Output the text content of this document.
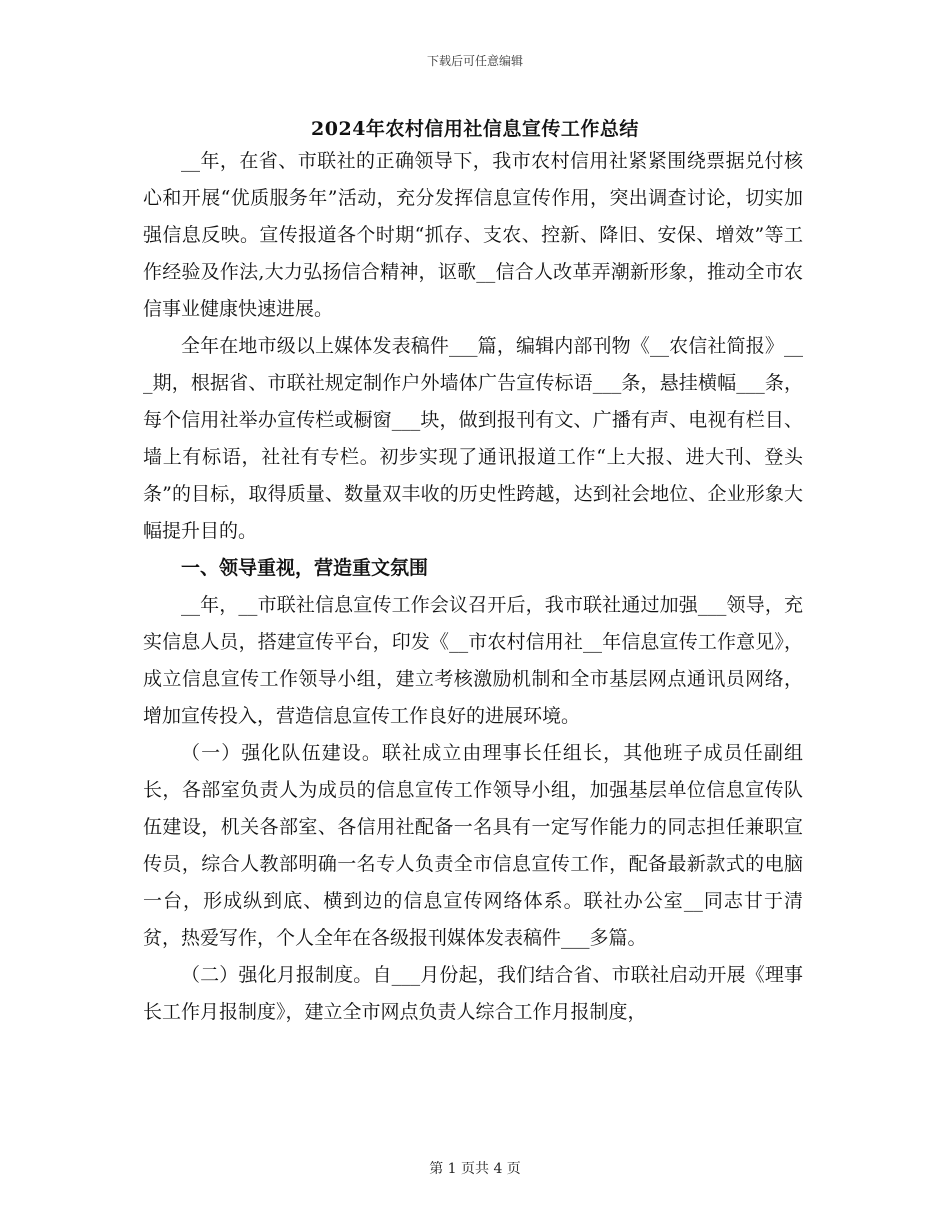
下载后可任意编辑
2024年农村信用社信息宣传工作总结

__年，在省、市联社的正确领导下，我市农村信用社紧紧围绕票据兑付核心和开展“优质服务年”活动，充分发挥信息宣传作用，突出调查讨论，切实加强信息反映。宣传报道各个时期“抓存、支农、控新、降旧、安保、增效”等工作经验及作法,大力弘扬信合精神，讴歌__信合人改革弄潮新形象，推动全市农信事业健康快速进展。

全年在地市级以上媒体发表稿件___篇，编辑内部刊物《__农信社简报》___期，根据省、市联社规定制作户外墙体广告宣传标语___条，悬挂横幅___条，每个信用社举办宣传栏或橱窗___块，做到报刊有文、广播有声、电视有栏目、墙上有标语，社社有专栏。初步实现了通讯报道工作“上大报、进大刊、登头条”的目标，取得质量、数量双丰收的历史性跨越，达到社会地位、企业形象大幅提升目的。

一、领导重视，营造重文氛围

__年，__市联社信息宣传工作会议召开后，我市联社通过加强___领导，充实信息人员，搭建宣传平台，印发《__市农村信用社__年信息宣传工作意见》，成立信息宣传工作领导小组，建立考核激励机制和全市基层网点通讯员网络，增加宣传投入，营造信息宣传工作良好的进展环境。

（一）强化队伍建设。联社成立由理事长任组长，其他班子成员任副组长，各部室负责人为成员的信息宣传工作领导小组，加强基层单位信息宣传队伍建设，机关各部室、各信用社配备一名具有一定写作能力的同志担任兼职宣传员，综合人教部明确一名专人负责全市信息宣传工作，配备最新款式的电脑一台，形成纵到底、横到边的信息宣传网络体系。联社办公室__同志甘于清贫，热爱写作，个人全年在各级报刊媒体发表稿件___多篇。

（二）强化月报制度。自___月份起，我们结合省、市联社启动开展《理事长工作月报制度》，建立全市网点负责人综合工作月报制度，

第 1 页共 4 页
